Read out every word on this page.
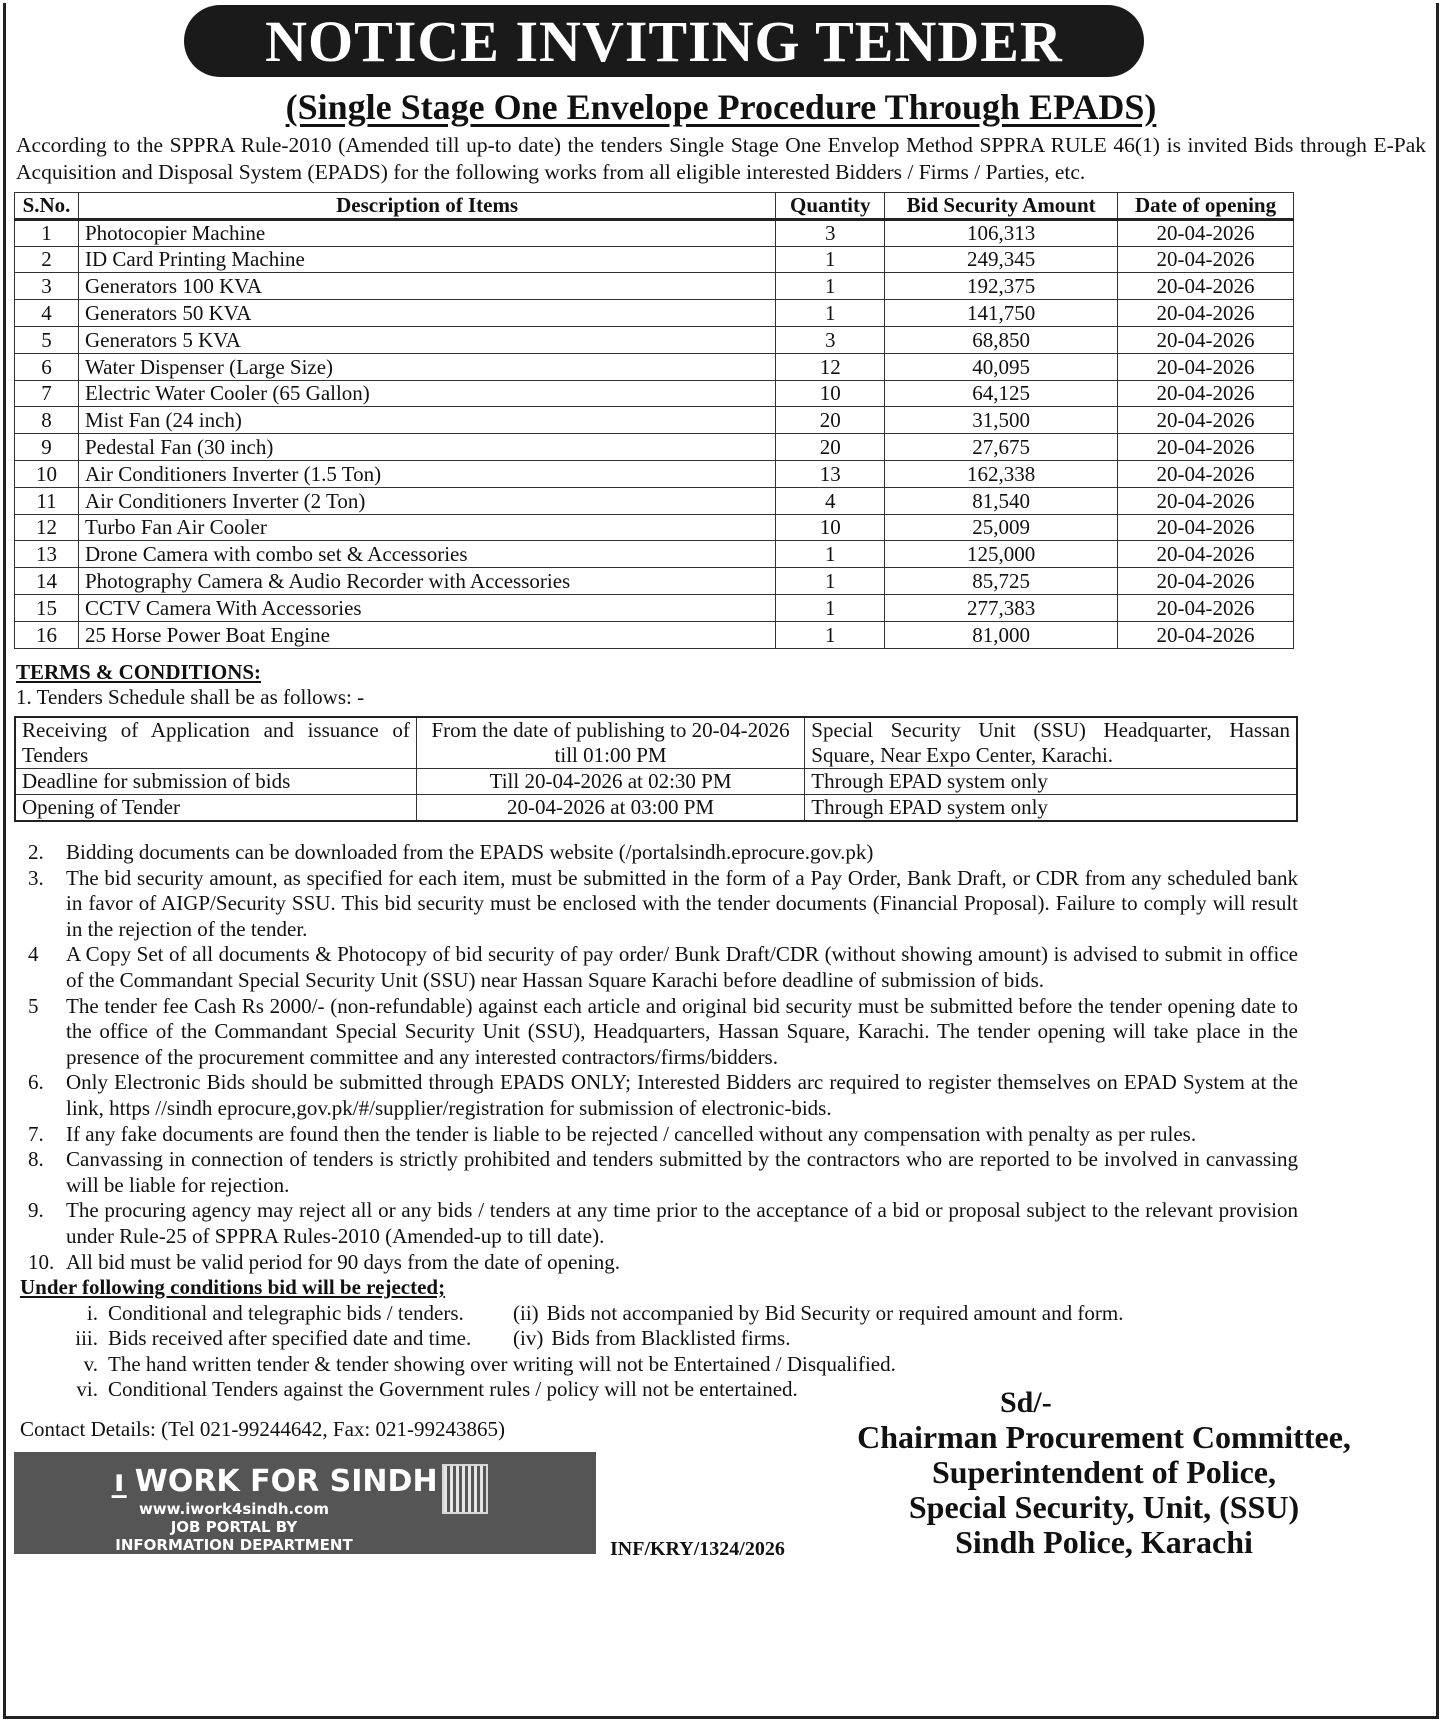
NOTICE INVITING TENDER
(Single Stage One Envelope Procedure Through EPADS)
According to the SPPRA Rule-2010 (Amended till up-to date) the tenders Single Stage One Envelop Method SPPRA RULE 46(1) is invited Bids through E-Pak Acquisition and Disposal System (EPADS) for the following works from all eligible interested Bidders / Firms / Parties, etc.
S.No.	Description of Items	Quantity	Bid Security Amount	Date of opening
1	Photocopier Machine	3	106,313	20-04-2026
2	ID Card Printing Machine	1	249,345	20-04-2026
3	Generators 100 KVA	1	192,375	20-04-2026
4	Generators 50 KVA	1	141,750	20-04-2026
5	Generators 5 KVA	3	68,850	20-04-2026
6	Water Dispenser (Large Size)	12	40,095	20-04-2026
7	Electric Water Cooler (65 Gallon)	10	64,125	20-04-2026
8	Mist Fan (24 inch)	20	31,500	20-04-2026
9	Pedestal Fan (30 inch)	20	27,675	20-04-2026
10	Air Conditioners Inverter (1.5 Ton)	13	162,338	20-04-2026
11	Air Conditioners Inverter (2 Ton)	4	81,540	20-04-2026
12	Turbo Fan Air Cooler	10	25,009	20-04-2026
13	Drone Camera with combo set & Accessories	1	125,000	20-04-2026
14	Photography Camera & Audio Recorder with Accessories	1	85,725	20-04-2026
15	CCTV Camera With Accessories	1	277,383	20-04-2026
16	25 Horse Power Boat Engine	1	81,000	20-04-2026
TERMS & CONDITIONS:
1. Tenders Schedule shall be as follows: -
Receiving of Application and issuance of Tenders	From the date of publishing to 20-04-2026 till 01:00 PM	Special Security Unit (SSU) Headquarter, Hassan Square, Near Expo Center, Karachi.
Deadline for submission of bids	Till 20-04-2026 at 02:30 PM	Through EPAD system only
Opening of Tender	20-04-2026 at 03:00 PM	Through EPAD system only
2.	Bidding documents can be downloaded from the EPADS website (/portalsindh.eprocure.gov.pk)
3.	The bid security amount, as specified for each item, must be submitted in the form of a Pay Order, Bank Draft, or CDR from any scheduled bank in favor of AIGP/Security SSU. This bid security must be enclosed with the tender documents (Financial Proposal). Failure to comply will result in the rejection of the tender.
4	A Copy Set of all documents & Photocopy of bid security of pay order/ Bunk Draft/CDR (without showing amount) is advised to submit in office of the Commandant Special Security Unit (SSU) near Hassan Square Karachi before deadline of submission of bids.
5	The tender fee Cash Rs 2000/- (non-refundable) against each article and original bid security must be submitted before the tender opening date to the office of the Commandant Special Security Unit (SSU), Headquarters, Hassan Square, Karachi. The tender opening will take place in the presence of the procurement committee and any interested contractors/firms/bidders.
6.	Only Electronic Bids should be submitted through EPADS ONLY; Interested Bidders arc required to register themselves on EPAD System at the link, https //sindh eprocure,gov.pk/#/supplier/registration for submission of electronic-bids.
7.	If any fake documents are found then the tender is liable to be rejected / cancelled without any compensation with penalty as per rules.
8.	Canvassing in connection of tenders is strictly prohibited and tenders submitted by the contractors who are reported to be involved in canvassing will be liable for rejection.
9.	The procuring agency may reject all or any bids / tenders at any time prior to the acceptance of a bid or proposal subject to the relevant provision under Rule-25 of SPPRA Rules-2010 (Amended-up to till date).
10. All bid must be valid period for 90 days from the date of opening.
Under following conditions bid will be rejected;
i. Conditional and telegraphic bids / tenders.	(ii) Bids not accompanied by Bid Security or required amount and form.
iii. Bids received after specified date and time.	(iv) Bids from Blacklisted firms.
v. The hand written tender & tender showing over writing will not be Entertained / Disqualified.
vi. Conditional Tenders against the Government rules / policy will not be entertained.
Contact Details: (Tel 021-99244642, Fax: 021-99243865)
Sd/-
Chairman Procurement Committee,
Superintendent of Police,
Special Security, Unit, (SSU)
Sindh Police, Karachi
ı̲ WORK FOR SINDH
www.iwork4sindh.com
JOB PORTAL BY
INFORMATION DEPARTMENT	INF/KRY/1324/2026
